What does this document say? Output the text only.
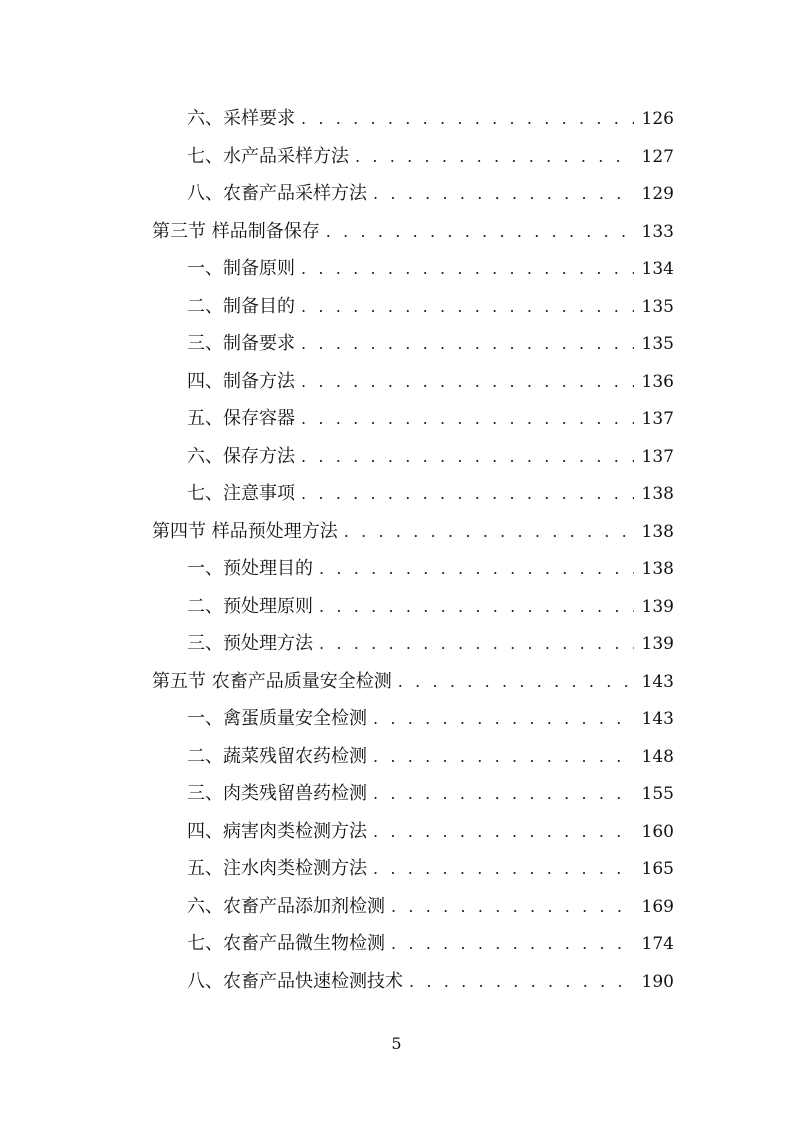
六、采样要求 . . .	126
七、水产品采样方法 . . .	127
八、农畜产品采样方法 . . .	129
第三节 样品制备保存 . . .	133
一、制备原则 . . .	134
二、制备目的 . . .	135
三、制备要求 . . .	135
四、制备方法 . . .	136
五、保存容器 . . .	137
六、保存方法 . . .	137
七、注意事项 . . .	138
第四节 样品预处理方法 . . .	138
一、预处理目的 . . .	138
二、预处理原则 . . .	139
三、预处理方法 . . .	139
第五节 农畜产品质量安全检测 . . .	143
一、禽蛋质量安全检测 . . .	143
二、蔬菜残留农药检测 . . .	148
三、肉类残留兽药检测 . . .	155
四、病害肉类检测方法 . . .	160
五、注水肉类检测方法 . . .	165
六、农畜产品添加剂检测 . . .	169
七、农畜产品微生物检测 . . .	174
八、农畜产品快速检测技术 . . .	190
5
